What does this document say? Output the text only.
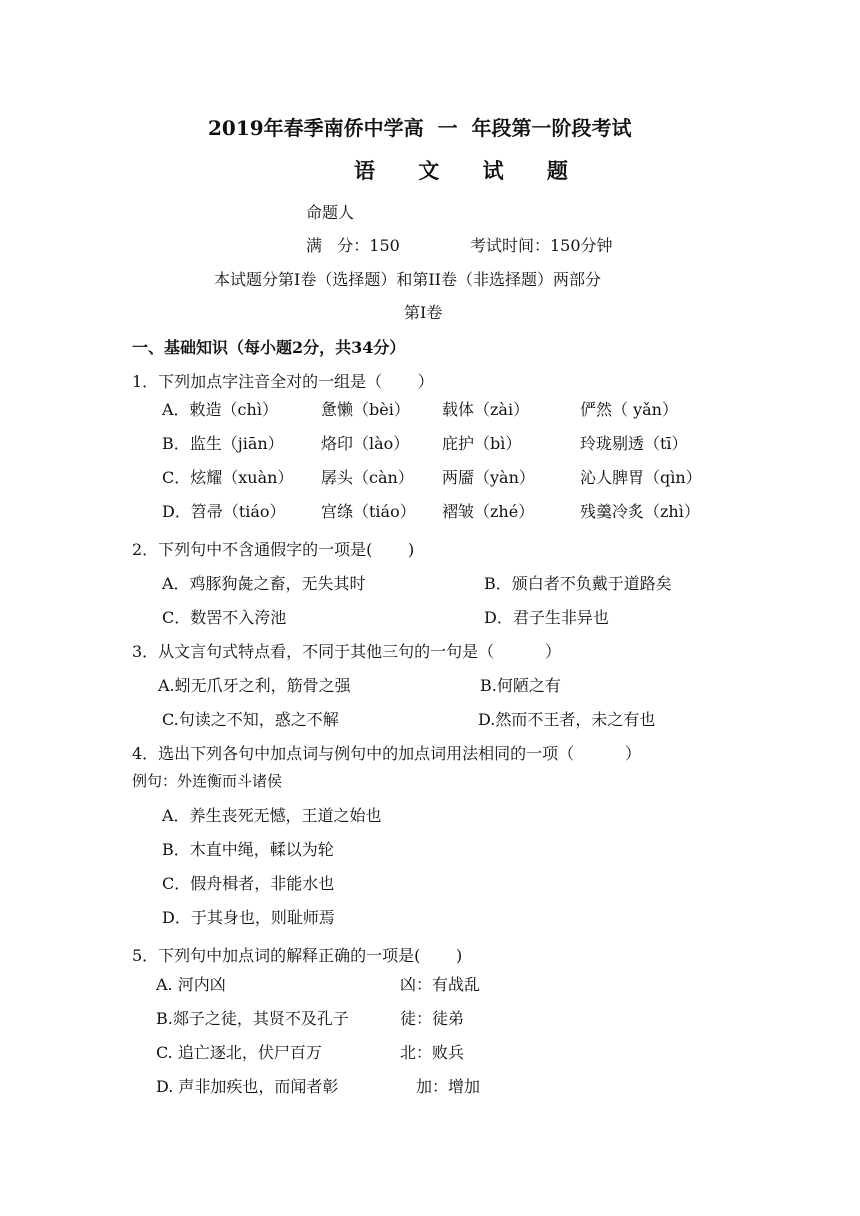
2019年春季南侨中学高  一  年段第一阶段考试
语 文 试 题
命题人
满   分：150	考试时间：150分钟
本试题分第I卷（选择题）和第II卷（非选择题）两部分
第I卷
一、基础知识（每小题2分，共34分）
1．下列加点字注音全对的一组是（       ）
A．敕造（chì）	惫懒（bèi） 载体（zài）	俨然（ yǎn）
B．监生（jiān） 烙印（lào） 庇护（bì）	玲珑剔透（tī）
C．炫耀（xuàn） 孱头（càn） 两靥（yàn）	沁人脾胃（qìn）
D．笤帚（tiáo） 宫绦（tiáo） 褶皱（zhé）	残羹冷炙（zhì）
2．下列句中不含通假字的一项是(       )
A．鸡豚狗彘之畜，无失其时	B．颁白者不负戴于道路矣
C．数罟不入洿池	D．君子生非异也
3．从文言句式特点看，不同于其他三句的一句是（          ）
A.蚓无爪牙之利，筋骨之强	B.何陋之有
C.句读之不知，惑之不解	D.然而不王者，未之有也
4．选出下列各句中加点词与例句中的加点词用法相同的一项（          ）
例句：外连衡而斗诸侯
A．养生丧死无憾，王道之始也
B．木直中绳，輮以为轮
C．假舟楫者，非能水也
D．于其身也，则耻师焉
5．下列句中加点词的解释正确的一项是(       )
A. 河内凶	凶：有战乱
B.郯子之徒，其贤不及孔子	徒：徒弟
C. 追亡逐北，伏尸百万	北：败兵
D. 声非加疾也，而闻者彰	加：增加
